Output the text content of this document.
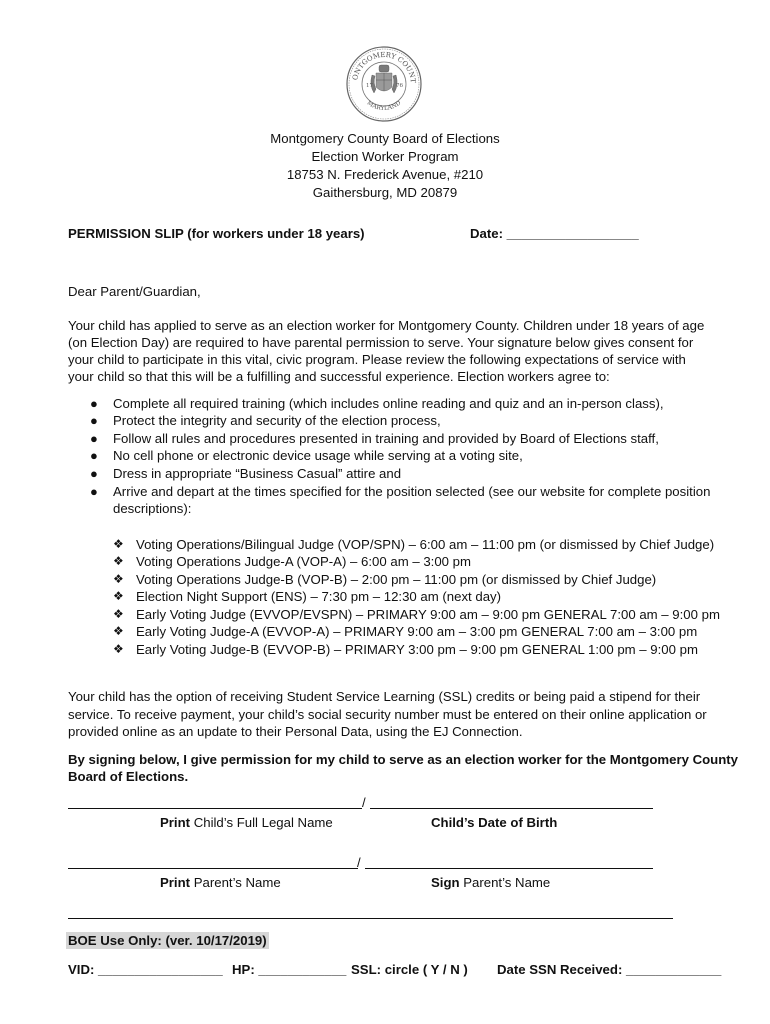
ONTGOMERY COUNT
MARYLAND
17	76
Montgomery County Board of Elections
Election Worker Program
18753 N. Frederick Avenue, #210
Gaithersburg, MD 20879
PERMISSION SLIP (for workers under 18 years)	Date: __________________
Dear Parent/Guardian,
Your child has applied to serve as an election worker for Montgomery County. Children under 18 years of age
(on Election Day) are required to have parental permission to serve. Your signature below gives consent for
your child to participate in this vital, civic program. Please review the following expectations of service with
your child so that this will be a fulfilling and successful experience. Election workers agree to:
● Complete all required training (which includes online reading and quiz and an in-person class),
● Protect the integrity and security of the election process,
● Follow all rules and procedures presented in training and provided by Board of Elections staff,
● No cell phone or electronic device usage while serving at a voting site,
● Dress in appropriate “Business Casual” attire and
● Arrive and depart at the times specified for the position selected (see our website for complete position
descriptions):
❖ Voting Operations/Bilingual Judge (VOP/SPN) – 6:00 am – 11:00 pm (or dismissed by Chief Judge)
❖ Voting Operations Judge-A (VOP-A) – 6:00 am – 3:00 pm
❖ Voting Operations Judge-B (VOP-B) – 2:00 pm – 11:00 pm (or dismissed by Chief Judge)
❖ Election Night Support (ENS) – 7:30 pm – 12:30 am (next day)
❖ Early Voting Judge (EVVOP/EVSPN) – PRIMARY 9:00 am – 9:00 pm GENERAL 7:00 am – 9:00 pm
❖ Early Voting Judge-A (EVVOP-A) – PRIMARY 9:00 am – 3:00 pm GENERAL 7:00 am – 3:00 pm
❖ Early Voting Judge-B (EVVOP-B) – PRIMARY 3:00 pm – 9:00 pm GENERAL 1:00 pm – 9:00 pm
Your child has the option of receiving Student Service Learning (SSL) credits or being paid a stipend for their
service. To receive payment, your child’s social security number must be entered on their online application or
provided online as an update to their Personal Data, using the EJ Connection.
By signing below, I give permission for my child to serve as an election worker for the Montgomery County
Board of Elections.
/
Print Child’s Full Legal Name	Child’s Date of Birth
/
Print Parent’s Name	Sign Parent’s Name
BOE Use Only: (ver. 10/17/2019)
VID: _________________ HP: ____________ SSL: circle ( Y / N ) Date SSN Received: _____________
